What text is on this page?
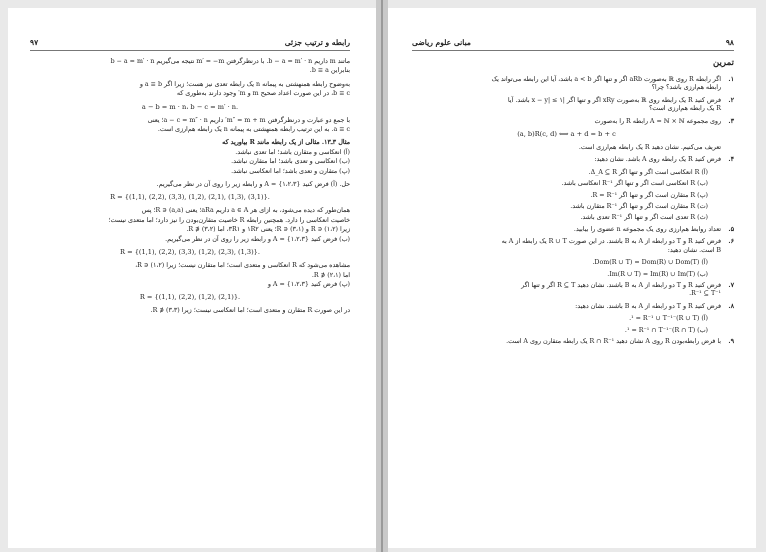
رابطه و ترتیب جزئی
۹۷

ماتند m داریم b − a = m′ · n. با درنظرگرفتن m′ = −m نتیجه می‌گیریم b − a = m′ · n

بنابراین b ≡ a.

به‌وضوح رابطه همنهشتی به پیمانه n یک رابطه تعدی نیز هست؛ زیرا اگر a ≡ b و

b ≡ c، در این صورت اعداد صحیح m و m′ وجود دارند به‌طوری که

a − b = m · n، b − c = m′ · n.

با جمع دو عبارت و درنظرگرفتن m″ = m + m′ داریم a − c = m″ · n؛ یعنی

a ≡ c. به این ترتیب رابطه همنهشتی به پیمانه n یک رابطه هم‌ارزی است.

مثال ۳ـ۱۳. مثالی از یک رابطه مانند R بیاورید که

(آ) انعکاسی و متقارن باشد؛ اما تعدی نباشد.

(ب) انعکاسی و تعدی باشد؛ اما متقارن نباشد.

(پ) متقارن و تعدی باشد؛ اما انعکاسی نباشد.

حل. (آ) فرض کنید A = {۱،۲،۳} و رابطه زیر را روی آن در نظر می‌گیریم.

R = {(1,1), (2,2), (3,3), (1,2), (2,1), (1,3), (3,1)}.

همان‌طور که دیده می‌شود، به ازای هر a ∈ A داریم aRa؛ یعنی (a,a) ∈ R؛ پس

خاصیت انعکاسی را دارد. همچنین رابطه R خاصیت متقارن‌بودن را نیز دارد؛ اما متعدی نیست؛

زیرا (۱،۲) ∈ R و (۳،۱) ∈ R؛ یعنی ۱R۲ و ۳R۱، اما (۳،۲) ∉ R.

(ب) فرض کنید A = {۱،۲،۳} و رابطه زیر را روی آن در نظر می‌گیریم.

R = {(1,1), (2,2), (3,3), (1,2), (2,3), (1,3)}.

مشاهده می‌شود که R انعکاسی و متعدی است؛ اما متقارن نیست؛ زیرا (۱،۲) ∈ R،

اما (۲،۱) ∉ R.

(پ) فرض کنید A = {۱،۲،۳} و

R = {(1,1), (2,2), (1,2), (2,1)}.

در این صورت R متقارن و متعدی است؛ اما انعکاسی نیست؛ زیرا (۳،۳) ∉ R.

۹۸
مبانی علوم ریاضی
تمرین
۱.
اگر رابطه R روی ℝ به‌صورت aRb اگر و تنها اگر a < b باشد، آیا این رابطه می‌تواند یک
رابطه هم‌ارزی باشد؟ چرا؟
۲.
فرض کنید R یک رابطه روی ℝ به‌صورت xRy اگر و تنها اگر |x − y| ≤ ۱ باشد. آیا
R یک رابطه هم‌ارزی است؟
۳.
روی مجموعه A = ℕ × ℕ رابطه R را به‌صورت
(a, b)R(c, d) ⟺ a + d = b + c
تعریف می‌کنیم. نشان دهید R یک رابطه هم‌ارزی است.
۴.
فرض کنید R یک رابطه روی A باشد. نشان دهید:
(آ) R انعکاسی است اگر و تنها اگر Δ_A ⊆ R.
(ب) R انعکاسی است اگر و تنها اگر R⁻¹ انعکاسی باشد.
(پ) R متقارن است اگر و تنها اگر R = R⁻¹.
(ت) R متقارن است اگر و تنها اگر R⁻¹ متقارن باشد.
(ث) R تعدی است اگر و تنها اگر R⁻¹ تعدی باشد.
۵.
تعداد روابط هم‌ارزی روی یک مجموعه n عضوی را بیابید.
۶.
فرض کنید R و T دو رابطه از A به B باشند. در این صورت R ∪ T یک رابطه از A به
B است. نشان دهید:
(آ) Dom(R ∪ T) = Dom(R) ∪ Dom(T).
(ب) Im(R ∪ T) = Im(R) ∪ Im(T).
۷.
فرض کنید R و T دو رابطه از A به B باشند. نشان دهید R ⊆ T اگر و تنها اگر
R⁻¹ ⊆ T⁻¹.
۸.
فرض کنید R و T دو رابطه از A به B باشند. نشان دهید:
(آ) (R ∪ T)⁻¹ = R⁻¹ ∪ T⁻¹.
(ب) (R ∩ T)⁻¹ = R⁻¹ ∩ T⁻¹.
۹.
با فرض رابطه‌بودن R روی A نشان دهید R ∩ R⁻¹ یک رابطه متقارن روی A است.
